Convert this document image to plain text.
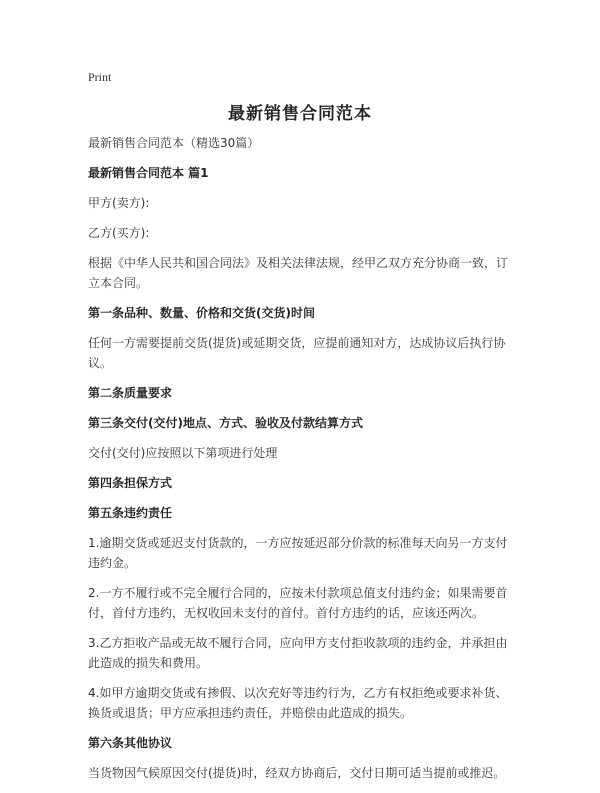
Print
最新销售合同范本
最新销售合同范本（精选30篇）
最新销售合同范本 篇1
甲方(卖方):
乙方(买方):
根据《中华人民共和国合同法》及相关法律法规，经甲乙双方充分协商一致，订立本合同。
第一条品种、数量、价格和交货(交货)时间
任何一方需要提前交货(提货)或延期交货，应提前通知对方，达成协议后执行协议。
第二条质量要求
第三条交付(交付)地点、方式、验收及付款结算方式
交付(交付)应按照以下第项进行处理
第四条担保方式
第五条违约责任
1.逾期交货或延迟支付货款的，一方应按延迟部分价款的标准每天向另一方支付违约金。
2.一方不履行或不完全履行合同的，应按未付款项总值支付违约金；如果需要首付，首付方违约，无权收回未支付的首付。首付方违约的话，应该还两次。
3.乙方拒收产品或无故不履行合同，应向甲方支付拒收款项的违约金，并承担由此造成的损失和费用。
4.如甲方逾期交货或有掺假、以次充好等违约行为，乙方有权拒绝或要求补货、换货或退货；甲方应承担违约责任，并赔偿由此造成的损失。
第六条其他协议
当货物因气候原因交付(提货)时，经双方协商后，交付日期可适当提前或推迟。
